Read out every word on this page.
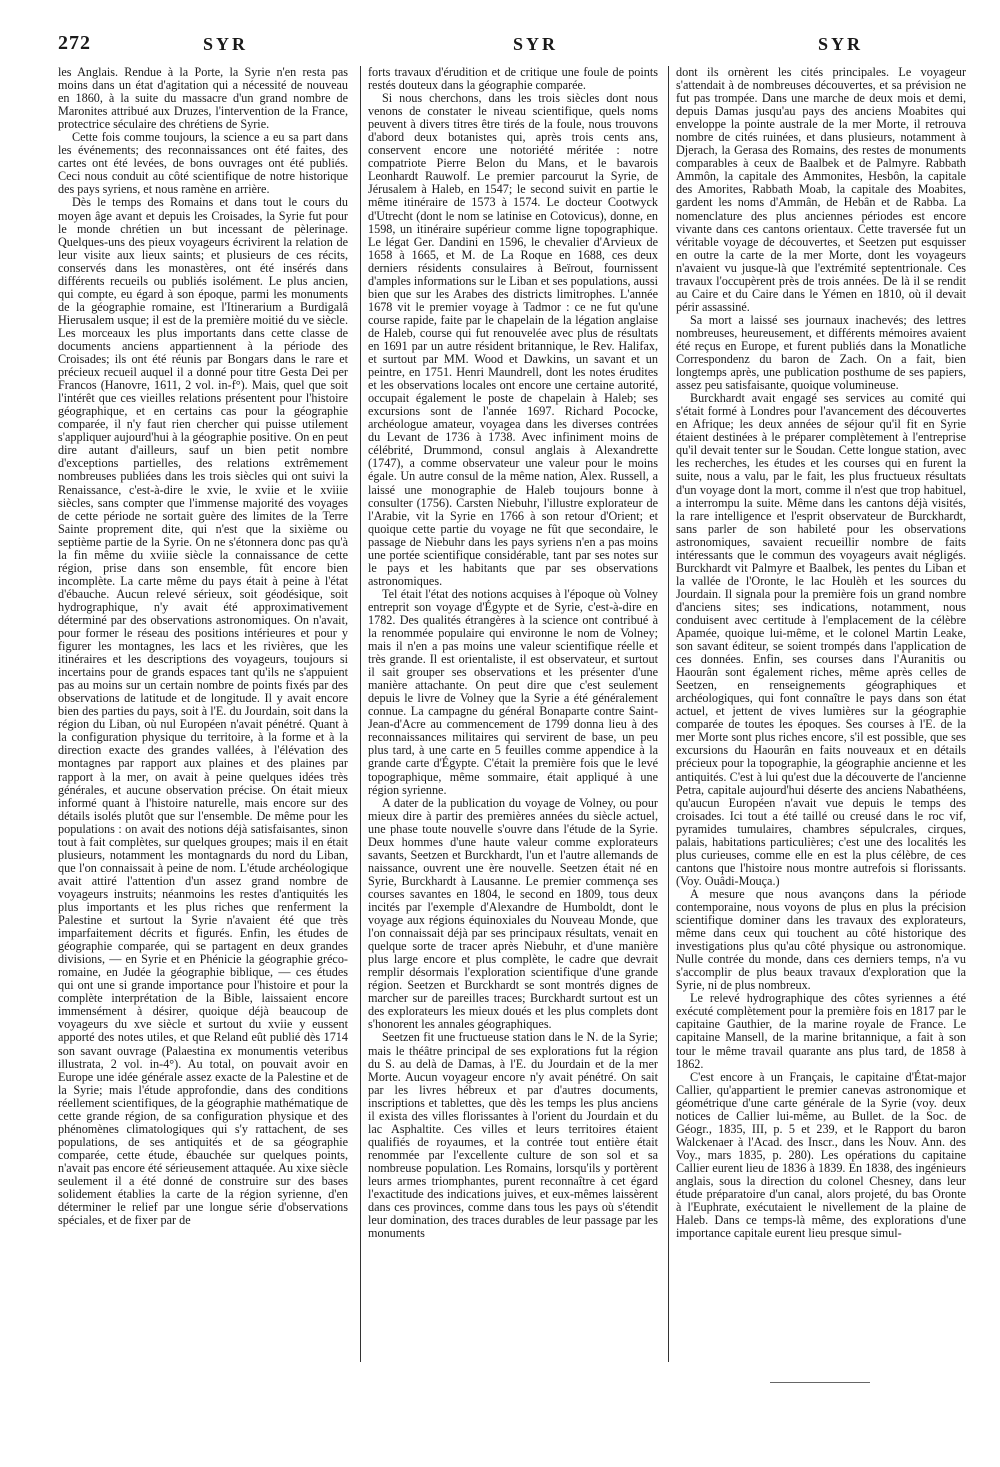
272	SYR	SYR	SYR

les Anglais. Rendue à la Porte, la Syrie n'en resta pas moins dans un état d'agitation qui a nécessité de nouveau en 1860, à la suite du massacre d'un grand nombre de Maronites attribué aux Druzes, l'intervention de la France, protectrice séculaire des chrétiens de Syrie.

Cette fois comme toujours, la science a eu sa part dans les événements; des reconnaissances ont été faites, des cartes ont été levées, de bons ouvrages ont été publiés. Ceci nous conduit au côté scientifique de notre historique des pays syriens, et nous ramène en arrière.

Dès le temps des Romains et dans tout le cours du moyen âge avant et depuis les Croisades, la Syrie fut pour le monde chrétien un but incessant de pèlerinage. Quelques-uns des pieux voyageurs écrivirent la relation de leur visite aux lieux saints; et plusieurs de ces récits, conservés dans les monastères, ont été insérés dans différents recueils ou publiés isolément. Le plus ancien, qui compte, eu égard à son époque, parmi les monuments de la géographie romaine, est l'Itinerarium a Burdigalâ Hierusalem usque; il est de la première moitié du ve siècle. Les morceaux les plus importants dans cette classe de documents anciens appartiennent à la période des Croisades; ils ont été réunis par Bongars dans le rare et précieux recueil auquel il a donné pour titre Gesta Dei per Francos (Hanovre, 1611, 2 vol. in-f°). Mais, quel que soit l'intérêt que ces vieilles relations présentent pour l'histoire géographique, et en certains cas pour la géographie comparée, il n'y faut rien chercher qui puisse utilement s'appliquer aujourd'hui à la géographie positive. On en peut dire autant d'ailleurs, sauf un bien petit nombre d'exceptions partielles, des relations extrêmement nombreuses publiées dans les trois siècles qui ont suivi la Renaissance, c'est-à-dire le xvie, le xviie et le xviiie siècles, sans compter que l'immense majorité des voyages de cette période ne sortait guère des limites de la Terre Sainte proprement dite, qui n'est que la sixième ou septième partie de la Syrie. On ne s'étonnera donc pas qu'à la fin même du xviiie siècle la connaissance de cette région, prise dans son ensemble, fût encore bien incomplète. La carte même du pays était à peine à l'état d'ébauche. Aucun relevé sérieux, soit géodésique, soit hydrographique, n'y avait été approximativement déterminé par des observations astronomiques. On n'avait, pour former le réseau des positions intérieures et pour y figurer les montagnes, les lacs et les rivières, que les itinéraires et les descriptions des voyageurs, toujours si incertains pour de grands espaces tant qu'ils ne s'appuient pas au moins sur un certain nombre de points fixés par des observations de latitude et de longitude. Il y avait encore bien des parties du pays, soit à l'E. du Jourdain, soit dans la région du Liban, où nul Européen n'avait pénétré. Quant à la configuration physique du territoire, à la forme et à la direction exacte des grandes vallées, à l'élévation des montagnes par rapport aux plaines et des plaines par rapport à la mer, on avait à peine quelques idées très générales, et aucune observation précise. On était mieux informé quant à l'histoire naturelle, mais encore sur des détails isolés plutôt que sur l'ensemble. De même pour les populations : on avait des notions déjà satisfaisantes, sinon tout à fait complètes, sur quelques groupes; mais il en était plusieurs, notamment les montagnards du nord du Liban, que l'on connaissait à peine de nom. L'étude archéologique avait attiré l'attention d'un assez grand nombre de voyageurs instruits; néanmoins les restes d'antiquités les plus importants et les plus riches que renferment la Palestine et surtout la Syrie n'avaient été que très imparfaitement décrits et figurés. Enfin, les études de géographie comparée, qui se partagent en deux grandes divisions, — en Syrie et en Phénicie la géographie gréco-romaine, en Judée la géographie biblique, — ces études qui ont une si grande importance pour l'histoire et pour la complète interprétation de la Bible, laissaient encore immensément à désirer, quoique déjà beaucoup de voyageurs du xve siècle et surtout du xviie y eussent apporté des notes utiles, et que Reland eût publié dès 1714 son savant ouvrage (Palaestina ex monumentis veteribus illustrata, 2 vol. in-4°). Au total, on pouvait avoir en Europe une idée générale assez exacte de la Palestine et de la Syrie; mais l'étude approfondie, dans des conditions réellement scientifiques, de la géographie mathématique de cette grande région, de sa configuration physique et des phénomènes climatologiques qui s'y rattachent, de ses populations, de ses antiquités et de sa géographie comparée, cette étude, ébauchée sur quelques points, n'avait pas encore été sérieusement attaquée. Au xixe siècle seulement il a été donné de construire sur des bases solidement établies la carte de la région syrienne, d'en déterminer le relief par une longue série d'observations spéciales, et de fixer par de

forts travaux d'érudition et de critique une foule de points restés douteux dans la géographie comparée.

Si nous cherchons, dans les trois siècles dont nous venons de constater le niveau scientifique, quels noms peuvent à divers titres être tirés de la foule, nous trouvons d'abord deux botanistes qui, après trois cents ans, conservent encore une notoriété méritée : notre compatriote Pierre Belon du Mans, et le bavarois Leonhardt Rauwolf. Le premier parcourut la Syrie, de Jérusalem à Haleb, en 1547; le second suivit en partie le même itinéraire de 1573 à 1574. Le docteur Cootwyck d'Utrecht (dont le nom se latinise en Cotovicus), donne, en 1598, un itinéraire supérieur comme ligne topographique. Le légat Ger. Dandini en 1596, le chevalier d'Arvieux de 1658 à 1665, et M. de La Roque en 1688, ces deux derniers résidents consulaires à Beïrout, fournissent d'amples informations sur le Liban et ses populations, aussi bien que sur les Arabes des districts limitrophes. L'année 1678 vit le premier voyage à Tadmor : ce ne fut qu'une course rapide, faite par le chapelain de la légation anglaise de Haleb, course qui fut renouvelée avec plus de résultats en 1691 par un autre résident britannique, le Rev. Halifax, et surtout par MM. Wood et Dawkins, un savant et un peintre, en 1751. Henri Maundrell, dont les notes érudites et les observations locales ont encore une certaine autorité, occupait également le poste de chapelain à Haleb; ses excursions sont de l'année 1697. Richard Pococke, archéologue amateur, voyagea dans les diverses contrées du Levant de 1736 à 1738. Avec infiniment moins de célébrité, Drummond, consul anglais à Alexandrette (1747), a comme observateur une valeur pour le moins égale. Un autre consul de la même nation, Alex. Russell, a laissé une monographie de Haleb toujours bonne à consulter (1756). Carsten Niebuhr, l'illustre explorateur de l'Arabie, vit la Syrie en 1766 à son retour d'Orient; et quoique cette partie du voyage ne fût que secondaire, le passage de Niebuhr dans les pays syriens n'en a pas moins une portée scientifique considérable, tant par ses notes sur le pays et les habitants que par ses observations astronomiques.

Tel était l'état des notions acquises à l'époque où Volney entreprit son voyage d'Égypte et de Syrie, c'est-à-dire en 1782. Des qualités étrangères à la science ont contribué à la renommée populaire qui environne le nom de Volney; mais il n'en a pas moins une valeur scientifique réelle et très grande. Il est orientaliste, il est observateur, et surtout il sait grouper ses observations et les présenter d'une manière attachante. On peut dire que c'est seulement depuis le livre de Volney que la Syrie a été généralement connue. La campagne du général Bonaparte contre Saint-Jean-d'Acre au commencement de 1799 donna lieu à des reconnaissances militaires qui servirent de base, un peu plus tard, à une carte en 5 feuilles comme appendice à la grande carte d'Égypte. C'était la première fois que le levé topographique, même sommaire, était appliqué à une région syrienne.

A dater de la publication du voyage de Volney, ou pour mieux dire à partir des premières années du siècle actuel, une phase toute nouvelle s'ouvre dans l'étude de la Syrie. Deux hommes d'une haute valeur comme explorateurs savants, Seetzen et Burckhardt, l'un et l'autre allemands de naissance, ouvrent une ère nouvelle. Seetzen était né en Syrie, Burckhardt à Lausanne. Le premier commença ses courses savantes en 1804, le second en 1809, tous deux incités par l'exemple d'Alexandre de Humboldt, dont le voyage aux régions équinoxiales du Nouveau Monde, que l'on connaissait déjà par ses principaux résultats, venait en quelque sorte de tracer après Niebuhr, et d'une manière plus large encore et plus complète, le cadre que devrait remplir désormais l'exploration scientifique d'une grande région. Seetzen et Burckhardt se sont montrés dignes de marcher sur de pareilles traces; Burckhardt surtout est un des explorateurs les mieux doués et les plus complets dont s'honorent les annales géographiques.

Seetzen fit une fructueuse station dans le N. de la Syrie; mais le théâtre principal de ses explorations fut la région du S. au delà de Damas, à l'E. du Jourdain et de la mer Morte. Aucun voyageur encore n'y avait pénétré. On sait par les livres hébreux et par d'autres documents, inscriptions et tablettes, que dès les temps les plus anciens il exista des villes florissantes à l'orient du Jourdain et du lac Asphaltite. Ces villes et leurs territoires étaient qualifiés de royaumes, et la contrée tout entière était renommée par l'excellente culture de son sol et sa nombreuse population. Les Romains, lorsqu'ils y portèrent leurs armes triomphantes, purent reconnaître à cet égard l'exactitude des indications juives, et eux-mêmes laissèrent dans ces provinces, comme dans tous les pays où s'étendit leur domination, des traces durables de leur passage par les monuments

dont ils ornèrent les cités principales. Le voyageur s'attendait à de nombreuses découvertes, et sa prévision ne fut pas trompée. Dans une marche de deux mois et demi, depuis Damas jusqu'au pays des anciens Moabites qui enveloppe la pointe australe de la mer Morte, il retrouva nombre de cités ruinées, et dans plusieurs, notamment à Djerach, la Gerasa des Romains, des restes de monuments comparables à ceux de Baalbek et de Palmyre. Rabbath Ammôn, la capitale des Ammonites, Hesbôn, la capitale des Amorites, Rabbath Moab, la capitale des Moabites, gardent les noms d'Ammân, de Hebân et de Rabba. La nomenclature des plus anciennes périodes est encore vivante dans ces cantons orientaux. Cette traversée fut un véritable voyage de découvertes, et Seetzen put esquisser en outre la carte de la mer Morte, dont les voyageurs n'avaient vu jusque-là que l'extrémité septentrionale. Ces travaux l'occupèrent près de trois années. De là il se rendit au Caire et du Caire dans le Yémen en 1810, où il devait périr assassiné.

Sa mort a laissé ses journaux inachevés; des lettres nombreuses, heureusement, et différents mémoires avaient été reçus en Europe, et furent publiés dans la Monatliche Correspondenz du baron de Zach. On a fait, bien longtemps après, une publication posthume de ses papiers, assez peu satisfaisante, quoique volumineuse.

Burckhardt avait engagé ses services au comité qui s'était formé à Londres pour l'avancement des découvertes en Afrique; les deux années de séjour qu'il fit en Syrie étaient destinées à le préparer complètement à l'entreprise qu'il devait tenter sur le Soudan. Cette longue station, avec les recherches, les études et les courses qui en furent la suite, nous a valu, par le fait, les plus fructueux résultats d'un voyage dont la mort, comme il n'est que trop habituel, a interrompu la suite. Même dans les cantons déjà visités, la rare intelligence et l'esprit observateur de Burckhardt, sans parler de son habileté pour les observations astronomiques, savaient recueillir nombre de faits intéressants que le commun des voyageurs avait négligés. Burckhardt vit Palmyre et Baalbek, les pentes du Liban et la vallée de l'Oronte, le lac Houlèh et les sources du Jourdain. Il signala pour la première fois un grand nombre d'anciens sites; ses indications, notamment, nous conduisent avec certitude à l'emplacement de la célèbre Apamée, quoique lui-même, et le colonel Martin Leake, son savant éditeur, se soient trompés dans l'application de ces données. Enfin, ses courses dans l'Auranitis ou Haourân sont également riches, même après celles de Seetzen, en renseignements géographiques et archéologiques, qui font connaître le pays dans son état actuel, et jettent de vives lumières sur la géographie comparée de toutes les époques. Ses courses à l'E. de la mer Morte sont plus riches encore, s'il est possible, que ses excursions du Haourân en faits nouveaux et en détails précieux pour la topographie, la géographie ancienne et les antiquités. C'est à lui qu'est due la découverte de l'ancienne Petra, capitale aujourd'hui déserte des anciens Nabathéens, qu'aucun Européen n'avait vue depuis le temps des croisades. Ici tout a été taillé ou creusé dans le roc vif, pyramides tumulaires, chambres sépulcrales, cirques, palais, habitations particulières; c'est une des localités les plus curieuses, comme elle en est la plus célèbre, de ces cantons que l'histoire nous montre autrefois si florissants. (Voy. Ouâdi-Mouça.)

A mesure que nous avançons dans la période contemporaine, nous voyons de plus en plus la précision scientifique dominer dans les travaux des explorateurs, même dans ceux qui touchent au côté historique des investigations plus qu'au côté physique ou astronomique. Nulle contrée du monde, dans ces derniers temps, n'a vu s'accomplir de plus beaux travaux d'exploration que la Syrie, ni de plus nombreux.

Le relevé hydrographique des côtes syriennes a été exécuté complètement pour la première fois en 1817 par le capitaine Gauthier, de la marine royale de France. Le capitaine Mansell, de la marine britannique, a fait à son tour le même travail quarante ans plus tard, de 1858 à 1862.

C'est encore à un Français, le capitaine d'État-major Callier, qu'appartient le premier canevas astronomique et géométrique d'une carte générale de la Syrie (voy. deux notices de Callier lui-même, au Bullet. de la Soc. de Géogr., 1835, III, p. 5 et 239, et le Rapport du baron Walckenaer à l'Acad. des Inscr., dans les Nouv. Ann. des Voy., mars 1835, p. 280). Les opérations du capitaine Callier eurent lieu de 1836 à 1839. En 1838, des ingénieurs anglais, sous la direction du colonel Chesney, dans leur étude préparatoire d'un canal, alors projeté, du bas Oronte à l'Euphrate, exécutaient le nivellement de la plaine de Haleb. Dans ce temps-là même, des explorations d'une importance capitale eurent lieu presque simul-
